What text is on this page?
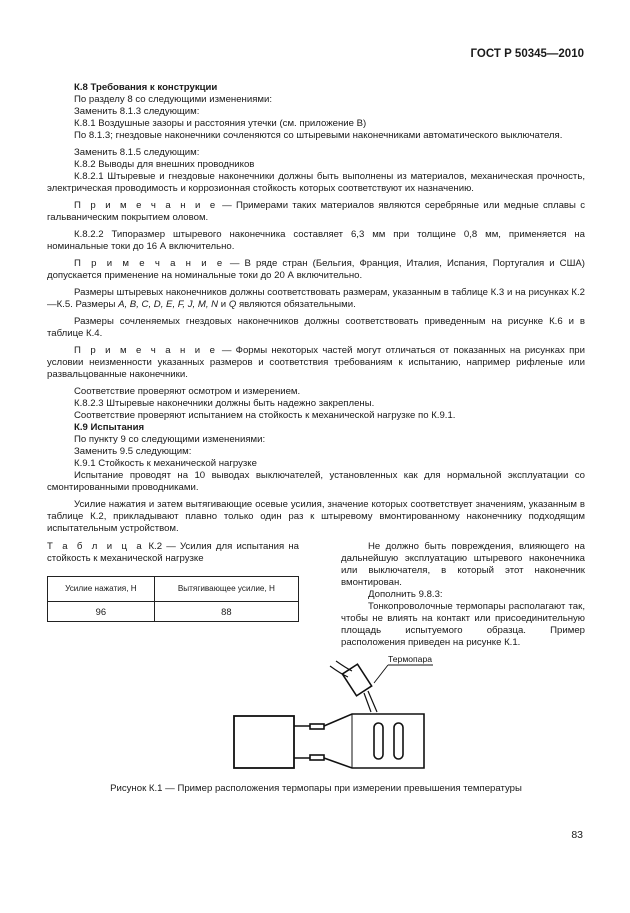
ГОСТ Р 50345—2010

К.8 Требования к конструкции

По разделу 8 со следующими изменениями:

Заменить 8.1.3 следующим:

К.8.1 Воздушные зазоры и расстояния утечки (см. приложение В)

По 8.1.3; гнездовые наконечники сочленяются со штыревыми наконечниками автоматического выключателя.

Заменить 8.1.5 следующим:

К.8.2 Выводы для внешних проводников

К.8.2.1 Штыревые и гнездовые наконечники должны быть выполнены из материалов, механическая прочность, электрическая проводимость и коррозионная стойкость которых соответствуют их назначению.

П р и м е ч а н и е — Примерами таких материалов являются серебряные или медные сплавы с гальваническим покрытием оловом.

К.8.2.2 Типоразмер штыревого наконечника составляет 6,3 мм при толщине 0,8 мм, применяется на номинальные токи до 16 А включительно.

П р и м е ч а н и е — В ряде стран (Бельгия, Франция, Италия, Испания, Португалия и США) допускается применение на номинальные токи до 20 А включительно.

Размеры штыревых наконечников должны соответствовать размерам, указанным в таблице К.3 и на рисунках К.2—К.5. Размеры A, B, C, D, E, F, J, M, N и Q являются обязательными.

Размеры сочленяемых гнездовых наконечников должны соответствовать приведенным на рисунке К.6 и в таблице К.4.

П р и м е ч а н и е — Формы некоторых частей могут отличаться от показанных на рисунках при условии неизменности указанных размеров и соответствия требованиям к испытанию, например рифленые или развальцованные наконечники.

Соответствие проверяют осмотром и измерением.

К.8.2.3 Штыревые наконечники должны быть надежно закреплены.

Соответствие проверяют испытанием на стойкость к механической нагрузке по К.9.1.

К.9 Испытания

По пункту 9 со следующими изменениями:

Заменить 9.5 следующим:

К.9.1 Стойкость к механической нагрузке

Испытание проводят на 10 выводах выключателей, установленных как для нормальной эксплуатации со смонтированными проводниками.

Усилие нажатия и затем вытягивающие осевые усилия, значение которых соответствует значениям, указанным в таблице К.2, прикладывают плавно только один раз к штыревому вмонтированному наконечнику подходящим испытательным устройством.

Т а б л и ц а К.2 — Усилия для испытания на стойкость к механической нагрузке

Усилие нажатия, Н	Вытягивающее усилие, Н
96	88

Не должно быть повреждения, влияющего на дальнейшую эксплуатацию штыревого наконечника или выключателя, в который этот наконечник вмонтирован.

Дополнить 9.8.3:

Тонкопроволочные термопары располагают так, чтобы не влиять на контакт или присоединительную площадь испытуемого образца. Пример расположения приведен на рисунке К.1.

Термопара
Рисунок К.1 — Пример расположения термопары при измерении превышения температуры
83
